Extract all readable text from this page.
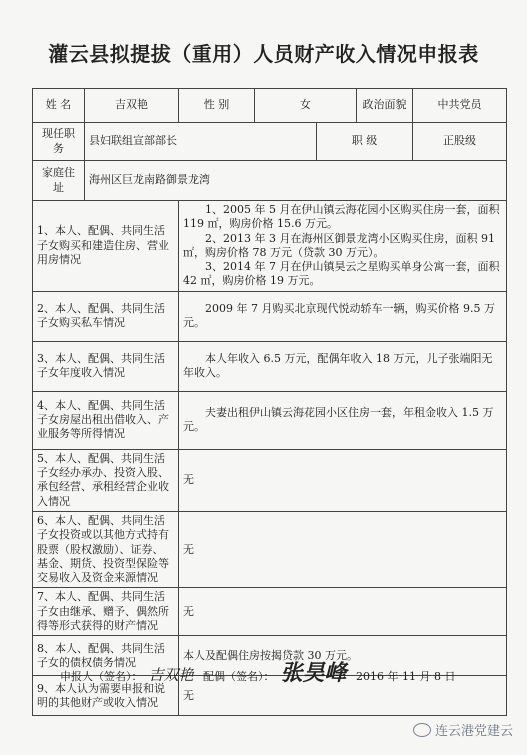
灌云县拟提拔（重用）人员财产收入情况申报表
姓 名	吉双艳	性 别	女		政治面貌	中共党员
现任职务	县妇联组宣部部长			职 级		正股级
家庭住址	海州区巨龙南路御景龙湾					
1、本人、配偶、共同生活子女购买和建造住房、营业用房情况		1、2005 年 5 月在伊山镇云海花园小区购买住房一套，面积 119 ㎡，购房价格 15.6 万元。
2、2013 年 3 月在海州区御景龙湾小区购买住房，面积 91 ㎡，购房价格 78 万元（贷款 30 万元）。
3、2014 年 7 月在伊山镇昊云之星购买单身公寓一套，面积 42 ㎡，购房价格 19 万元。				

2、本人、配偶、共同生活子女购买私车情况		2009 年 7 月购买北京现代悦动轿车一辆，购买价格 9.5 万元。				
3、本人、配偶、共同生活子女年度收入情况		本人年收入 6.5 万元，配偶年收入 18 万元，儿子张端阳无年收入。				
4、本人、配偶、共同生活子女房屋出租出借收入、产业服务等所得情况		夫妻出租伊山镇云海花园小区住房一套，年租金收入 1.5 万元。				
5、本人、配偶、共同生活子女经办承办、投资入股、承包经营、承租经营企业收入情况		无				
6、本人、配偶、共同生活子女投资或以其他方式持有股票（股权激励）、证券、基金、期货、投资型保险等交易收入及资金来源情况		无				
7、本人、配偶、共同生活子女由继承、赠予、偶然所得等形式获得的财产情况		无				
8、本人、配偶、共同生活子女的债权债务情况		本人及配偶住房按揭贷款 30 万元。				
9、本人认为需要申报和说明的其他财产或收入情况		无				
申报人（签名）： 吉双艳 配偶（签名）： 张昊峰 2016 年 11 月 8 日
连云港党建云
